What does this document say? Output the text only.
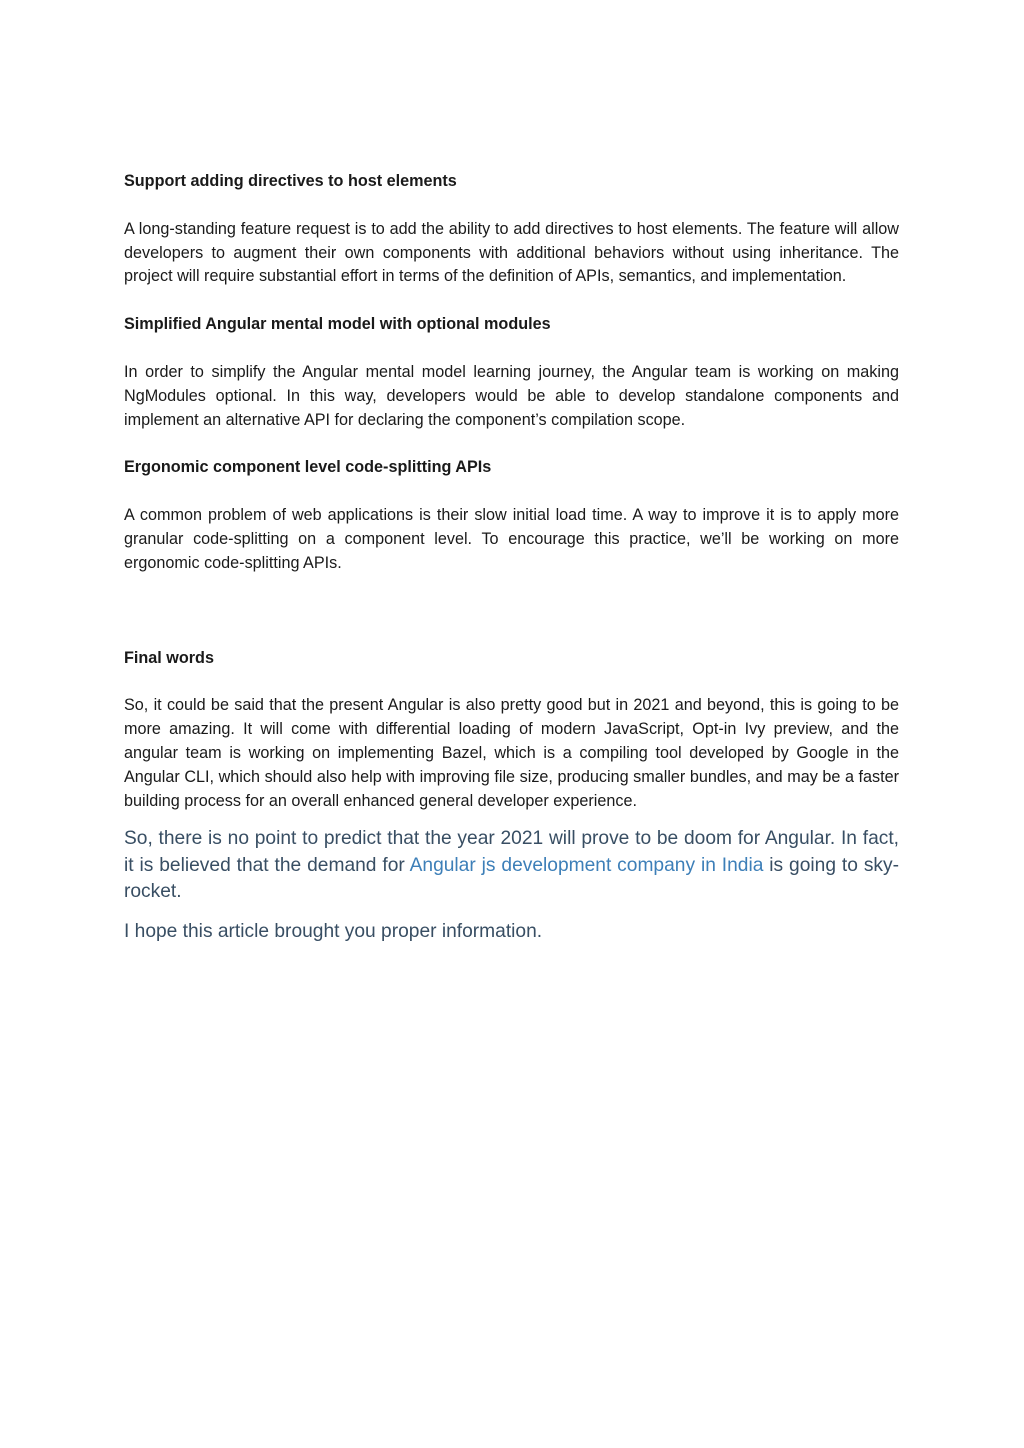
Support adding directives to host elements

A long-standing feature request is to add the ability to add directives to host elements. The feature will allow developers to augment their own components with additional behaviors without using inheritance. The project will require substantial effort in terms of the definition of APIs, semantics, and implementation.

Simplified Angular mental model with optional modules

In order to simplify the Angular mental model learning journey, the Angular team is working on making NgModules optional. In this way, developers would be able to develop standalone components and implement an alternative API for declaring the component’s compilation scope.

Ergonomic component level code-splitting APIs

A common problem of web applications is their slow initial load time. A way to improve it is to apply more granular code-splitting on a component level. To encourage this practice, we’ll be working on more ergonomic code-splitting APIs.

Final words

So, it could be said that the present Angular is also pretty good but in 2021 and beyond, this is going to be more amazing. It will come with differential loading of modern JavaScript, Opt-in Ivy preview, and the angular team is working on implementing Bazel, which is a compiling tool developed by Google in the Angular CLI, which should also help with improving file size, producing smaller bundles, and may be a faster building process for an overall enhanced general developer experience.

So, there is no point to predict that the year 2021 will prove to be doom for Angular. In fact, it is believed that the demand for Angular js development company in India is going to sky-rocket.

I hope this article brought you proper information.
